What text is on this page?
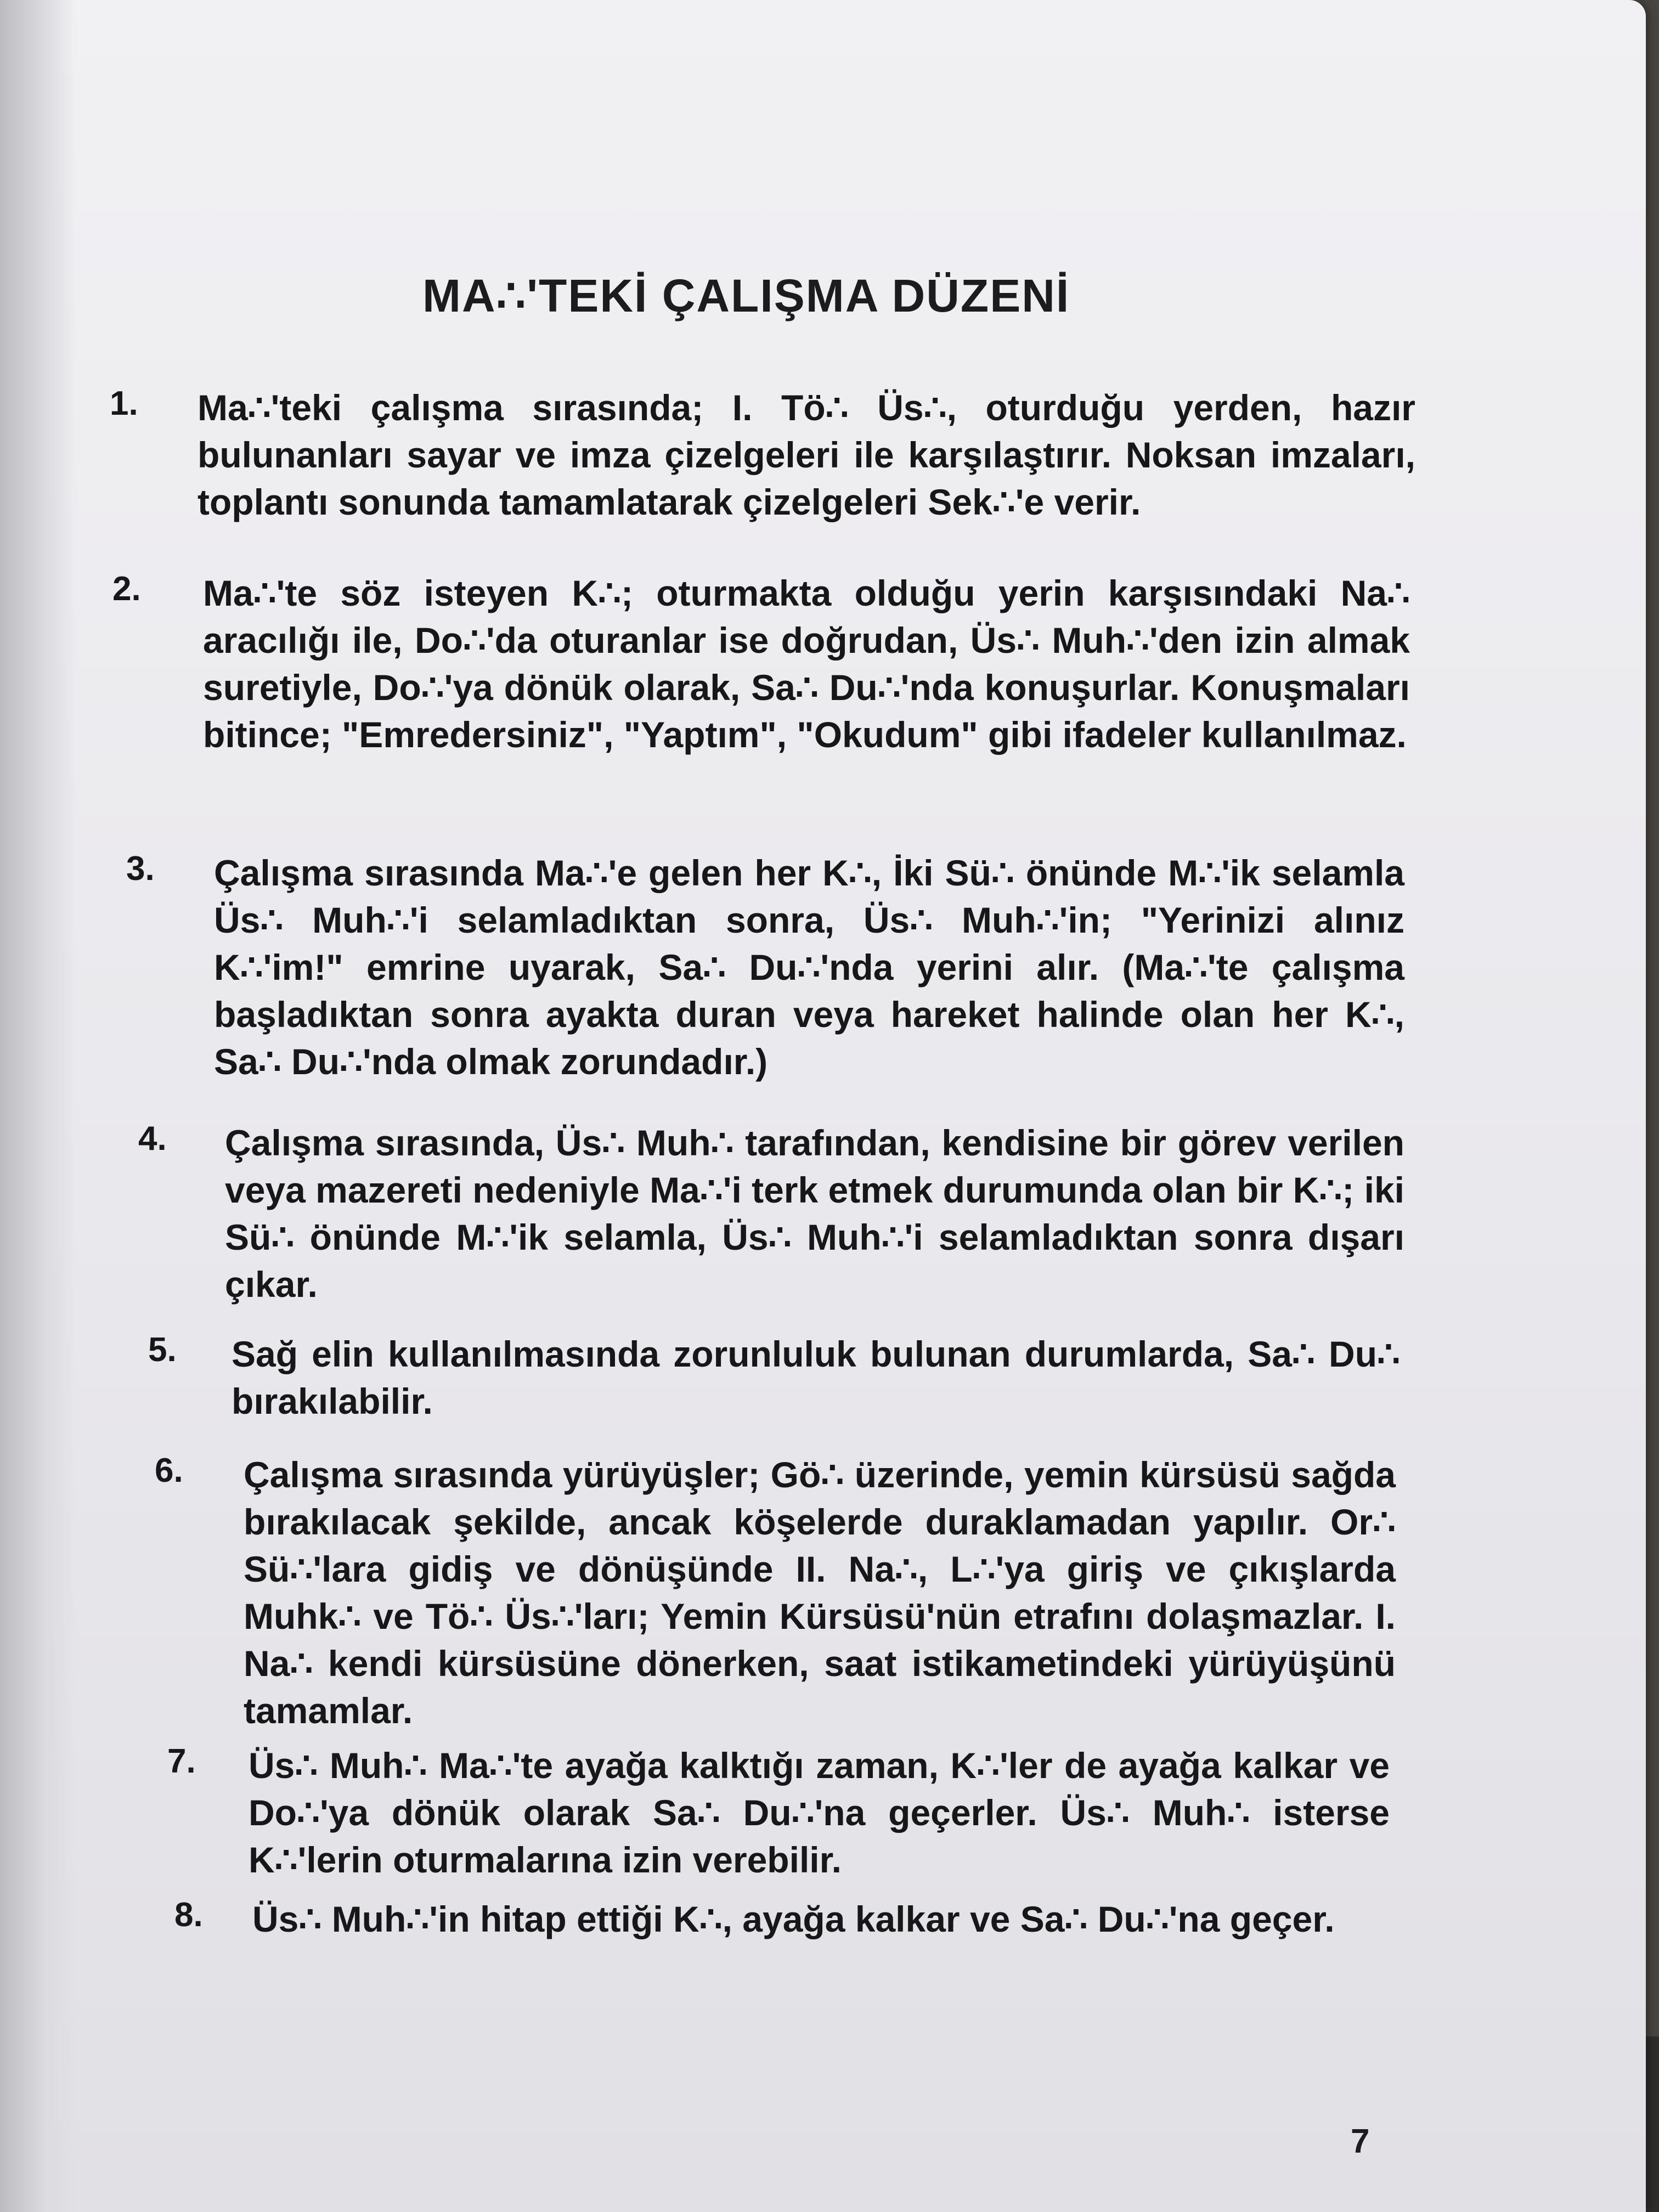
MA∴'TEKİ ÇALIŞMA DÜZENİ
1. Ma∴'teki çalışma sırasında; I. Tö∴ Üs∴, oturduğu yerden, hazır bulunanları sayar ve imza çizelgeleri ile karşılaştırır. Noksan imzaları, toplantı sonunda tamamlatarak çizelgeleri Sek∴'e verir.
2. Ma∴'te söz isteyen K∴; oturmakta olduğu yerin karşısındaki Na∴ aracılığı ile, Do∴'da oturanlar ise doğrudan, Üs∴ Muh∴'den izin almak suretiyle, Do∴'ya dönük olarak, Sa∴ Du∴'nda konuşurlar. Konuşmaları bitince; "Emredersiniz", "Yaptım", "Okudum" gibi ifadeler kullanılmaz.
3. Çalışma sırasında Ma∴'e gelen her K∴, İki Sü∴ önünde M∴'ik selamla Üs∴ Muh∴'i selamladıktan sonra, Üs∴ Muh∴'in; "Yerinizi alınız K∴'im!" emrine uyarak, Sa∴ Du∴'nda yerini alır. (Ma∴'te çalışma başladıktan sonra ayakta duran veya hareket halinde olan her K∴, Sa∴ Du∴'nda olmak zorundadır.)
4. Çalışma sırasında, Üs∴ Muh∴ tarafından, kendisine bir görev verilen veya mazereti nedeniyle Ma∴'i terk etmek durumunda olan bir K∴; iki Sü∴ önünde M∴'ik selamla, Üs∴ Muh∴'i selamladıktan sonra dışarı çıkar.
5. Sağ elin kullanılmasında zorunluluk bulunan durumlarda, Sa∴ Du∴ bırakılabilir.
6. Çalışma sırasında yürüyüşler; Gö∴ üzerinde, yemin kürsüsü sağda bırakılacak şekilde, ancak köşelerde duraklamadan yapılır. Or∴ Sü∴'lara gidiş ve dönüşünde II. Na∴, L∴'ya giriş ve çıkışlarda Muhk∴ ve Tö∴ Üs∴'ları; Yemin Kürsüsü'nün etrafını dolaşmazlar. I. Na∴ kendi kürsüsüne dönerken, saat istikametindeki yürüyüşünü tamamlar.
7. Üs∴ Muh∴ Ma∴'te ayağa kalktığı zaman, K∴'ler de ayağa kalkar ve Do∴'ya dönük olarak Sa∴ Du∴'na geçerler. Üs∴ Muh∴ isterse K∴'lerin oturmalarına izin verebilir.
8. Üs∴ Muh∴'in hitap ettiği K∴, ayağa kalkar ve Sa∴ Du∴'na geçer.
7
